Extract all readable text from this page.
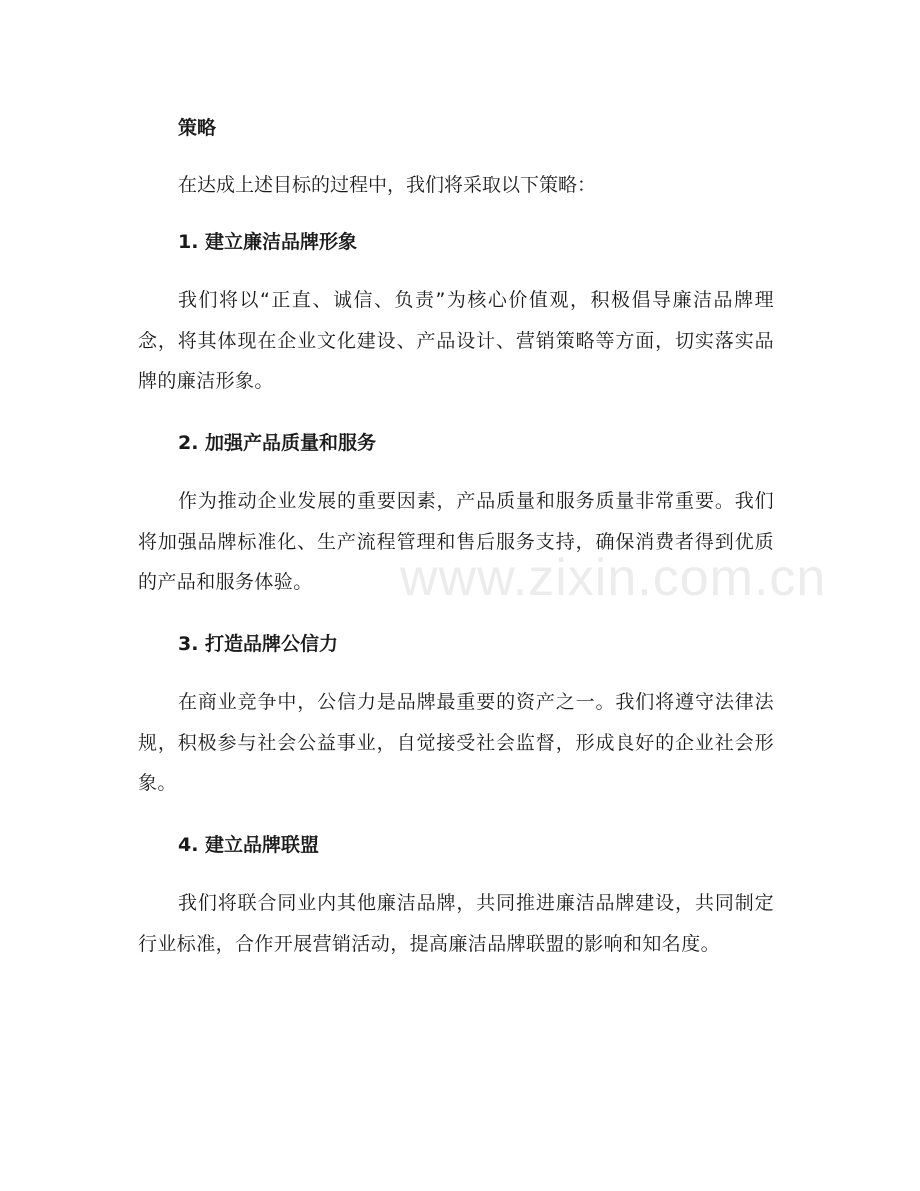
www.zixin.com.cn

策略

在达成上述目标的过程中，我们将采取以下策略：

1. 建立廉洁品牌形象

我们将以“正直、诚信、负责”为核心价值观，积极倡导廉洁品牌理念，将其体现在企业文化建设、产品设计、营销策略等方面，切实落实品牌的廉洁形象。

2. 加强产品质量和服务

作为推动企业发展的重要因素，产品质量和服务质量非常重要。我们将加强品牌标准化、生产流程管理和售后服务支持，确保消费者得到优质的产品和服务体验。

3. 打造品牌公信力

在商业竞争中，公信力是品牌最重要的资产之一。我们将遵守法律法规，积极参与社会公益事业，自觉接受社会监督，形成良好的企业社会形象。

4. 建立品牌联盟

我们将联合同业内其他廉洁品牌，共同推进廉洁品牌建设，共同制定行业标准，合作开展营销活动，提高廉洁品牌联盟的影响和知名度。
